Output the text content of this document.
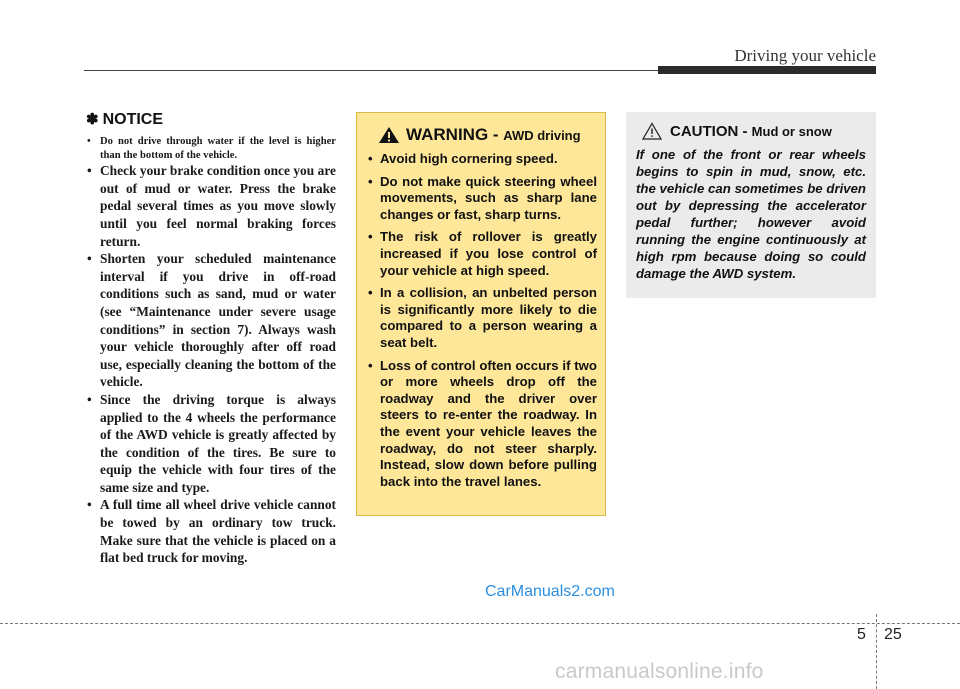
Driving your vehicle
✽ NOTICE
• Do not drive through water if the level is higher than the bottom of the vehicle.
• Check your brake condition once you are out of mud or water. Press the brake pedal several times as you move slowly until you feel normal braking forces return.
• Shorten your scheduled maintenance interval if you drive in off-road conditions such as sand, mud or water (see “Maintenance under severe usage conditions” in section 7). Always wash your vehicle thoroughly after off road use, especially cleaning the bottom of the vehicle.
• Since the driving torque is always applied to the 4 wheels the performance of the AWD vehicle is greatly affected by the condition of the tires. Be sure to equip the vehicle with four tires of the same size and type.
• A full time all wheel drive vehicle cannot be towed by an ordinary tow truck. Make sure that the vehicle is placed on a flat bed truck for moving.
WARNING - AWD driving
• Avoid high cornering speed.
• Do not make quick steering wheel movements, such as sharp lane changes or fast, sharp turns.
• The risk of rollover is greatly increased if you lose control of your vehicle at high speed.
• In a collision, an unbelted person is significantly more likely to die compared to a person wearing a seat belt.
• Loss of control often occurs if two or more wheels drop off the roadway and the driver over steers to re-enter the roadway. In the event your vehicle leaves the roadway, do not steer sharply. Instead, slow down before pulling back into the travel lanes.
CAUTION - Mud or snow
If one of the front or rear wheels begins to spin in mud, snow, etc. the vehicle can sometimes be driven out by depressing the accelerator pedal further; however avoid running the engine continuously at high rpm because doing so could damage the AWD system.
CarManuals2.com
5 25
carmanualsonline.info
